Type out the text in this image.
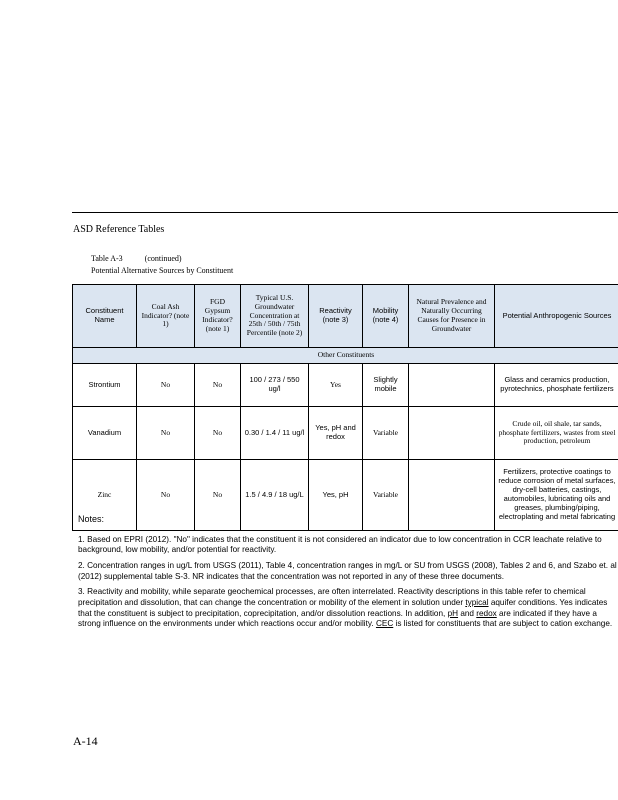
ASD Reference Tables
Table A-3	(continued)
Potential Alternative Sources by Constituent
Constituent Name	Coal Ash Indicator? (note 1)	FGD Gypsum Indicator? (note 1)	Typical U.S. Groundwater Concentration at 25th / 50th / 75th Percentile (note 2)	Reactivity (note 3)	Mobility (note 4)	Natural Prevalence and Naturally Occurring Causes for Presence in Groundwater	Potential Anthropogenic Sources
Other Constituents							
Strontium	No	No	100 / 273 / 550 ug/l	Yes	Slightly mobile		Glass and ceramics production, pyrotechnics, phosphate fertilizers
Vanadium	No	No	0.30 / 1.4 / 11 ug/l	Yes, pH and redox	Variable		Crude oil, oil shale, tar sands, phosphate fertilizers, wastes from steel production, petroleum
Zinc	No	No	1.5 / 4.9 / 18 ug/L	Yes, pH	Variable		Fertilizers, protective coatings to reduce corrosion of metal surfaces, dry-cell batteries, castings, automobiles, lubricating oils and greases, plumbing/piping, electroplating and metal fabricating
Notes:

1. Based on EPRI (2012). "No" indicates that the constituent it is not considered an indicator due to low concentration in CCR leachate relative to background, low mobility, and/or potential for reactivity.

2. Concentration ranges in ug/L from USGS (2011), Table 4, concentration ranges in mg/L or SU from USGS (2008), Tables 2 and 6, and Szabo et. al (2012) supplemental table S-3. NR indicates that the concentration was not reported in any of these three documents.

3. Reactivity and mobility, while separate geochemical processes, are often interrelated. Reactivity descriptions in this table refer to chemical precipitation and dissolution, that can change the concentration or mobility of the element in solution under typical aquifer conditions. Yes indicates that the constituent is subject to precipitation, coprecipitation, and/or dissolution reactions. In addition, pH and redox are indicated if they have a strong influence on the environments under which reactions occur and/or mobility. CEC is listed for constituents that are subject to cation exchange.

A-14
